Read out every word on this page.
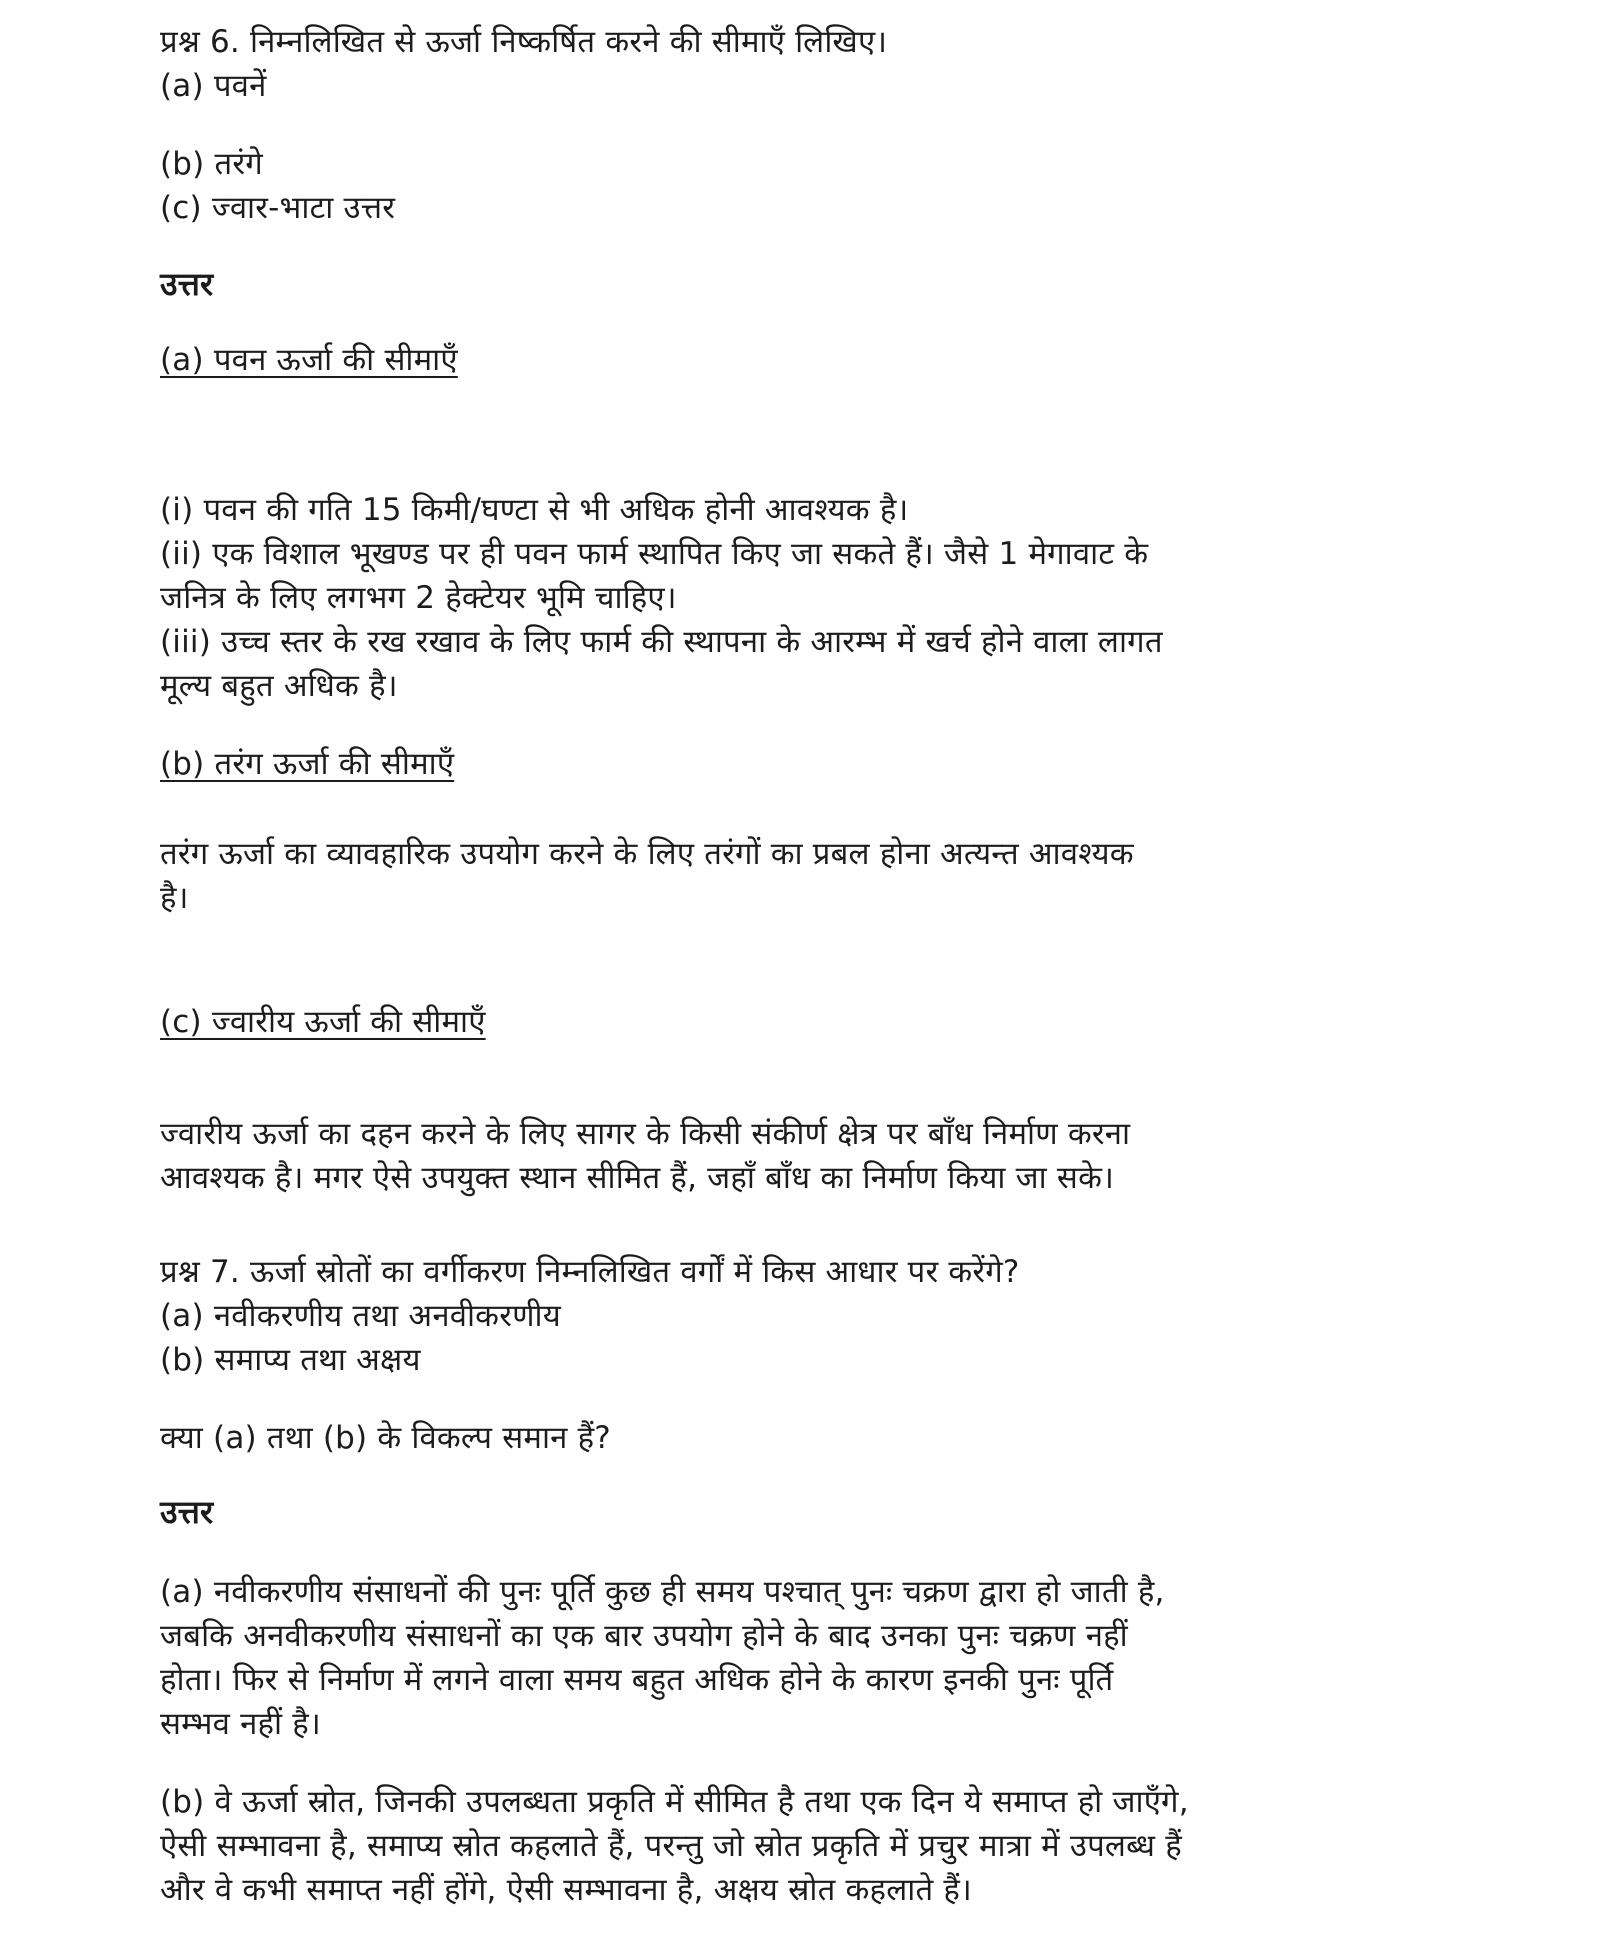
प्रश्न 6. निम्नलिखित से ऊर्जा निष्कर्षित करने की सीमाएँ लिखिए।
(a) पवनें
(b) तरंगे
(c) ज्वार-भाटा उत्तर
उत्तर
(a) पवन ऊर्जा की सीमाएँ
(i) पवन की गति 15 किमी/घण्टा से भी अधिक होनी आवश्यक है।
(ii) एक विशाल भूखण्ड पर ही पवन फार्म स्थापित किए जा सकते हैं। जैसे 1 मेगावाट के
जनित्र के लिए लगभग 2 हेक्टेयर भूमि चाहिए।
(iii) उच्च स्तर के रख रखाव के लिए फार्म की स्थापना के आरम्भ में खर्च होने वाला लागत
मूल्य बहुत अधिक है।
(b) तरंग ऊर्जा की सीमाएँ
तरंग ऊर्जा का व्यावहारिक उपयोग करने के लिए तरंगों का प्रबल होना अत्यन्त आवश्यक
है।
(c) ज्वारीय ऊर्जा की सीमाएँ
ज्वारीय ऊर्जा का दहन करने के लिए सागर के किसी संकीर्ण क्षेत्र पर बाँध निर्माण करना
आवश्यक है। मगर ऐसे उपयुक्त स्थान सीमित हैं, जहाँ बाँध का निर्माण किया जा सके।
प्रश्न 7. ऊर्जा स्रोतों का वर्गीकरण निम्नलिखित वर्गों में किस आधार पर करेंगे?
(a) नवीकरणीय तथा अनवीकरणीय
(b) समाप्य तथा अक्षय
क्या (a) तथा (b) के विकल्प समान हैं?
उत्तर
(a) नवीकरणीय संसाधनों की पुनः पूर्ति कुछ ही समय पश्चात् पुनः चक्रण द्वारा हो जाती है,
जबकि अनवीकरणीय संसाधनों का एक बार उपयोग होने के बाद उनका पुनः चक्रण नहीं
होता। फिर से निर्माण में लगने वाला समय बहुत अधिक होने के कारण इनकी पुनः पूर्ति
सम्भव नहीं है।
(b) वे ऊर्जा स्रोत, जिनकी उपलब्धता प्रकृति में सीमित है तथा एक दिन ये समाप्त हो जाएँगे,
ऐसी सम्भावना है, समाप्य स्रोत कहलाते हैं, परन्तु जो स्रोत प्रकृति में प्रचुर मात्रा में उपलब्ध हैं
और वे कभी समाप्त नहीं होंगे, ऐसी सम्भावना है, अक्षय स्रोत कहलाते हैं।
